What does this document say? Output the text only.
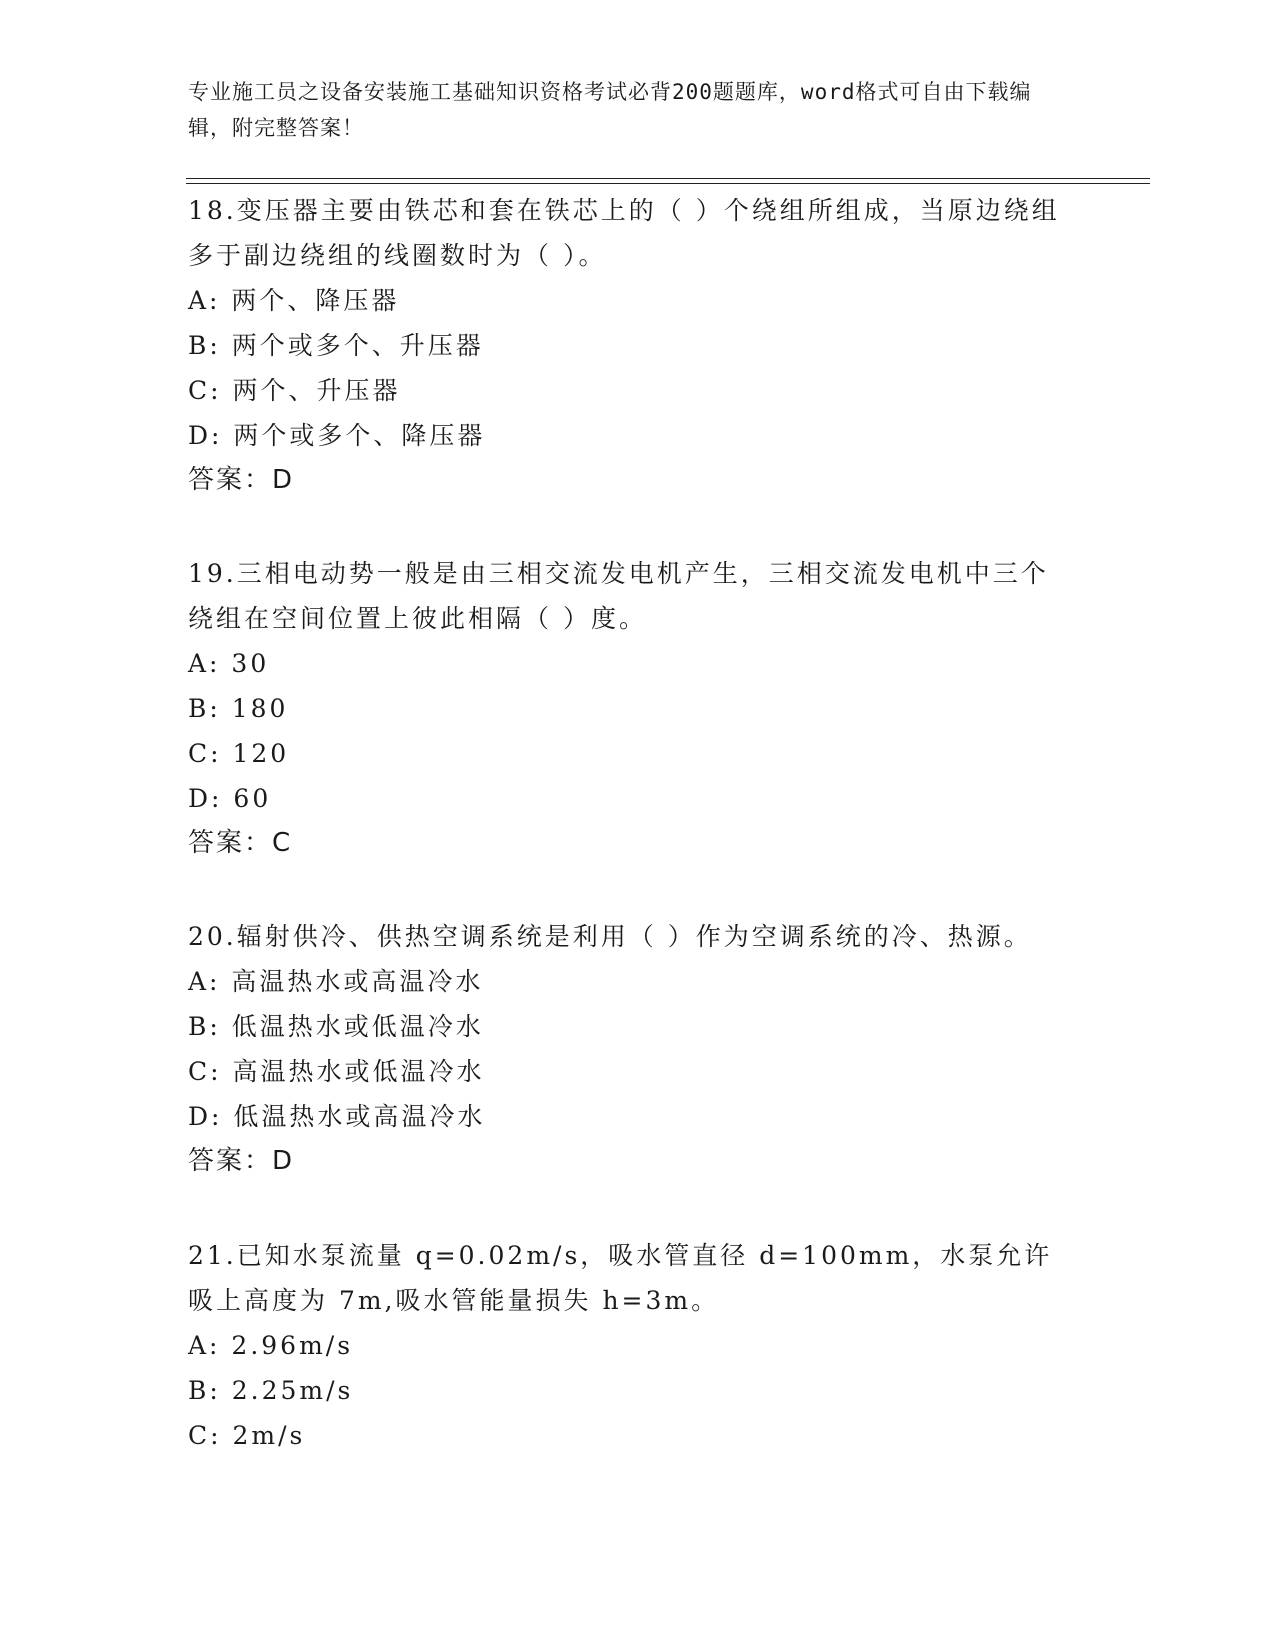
专业施工员之设备安装施工基础知识资格考试必背200题题库，word格式可自由下载编辑，附完整答案！

18.变压器主要由铁芯和套在铁芯上的（ ）个绕组所组成，当原边绕组多于副边绕组的线圈数时为（ ）。

A: 两个、降压器

B: 两个或多个、升压器

C: 两个、升压器

D: 两个或多个、降压器

答案：D

19.三相电动势一般是由三相交流发电机产生，三相交流发电机中三个绕组在空间位置上彼此相隔（ ）度。

A: 30

B: 180

C: 120

D: 60

答案：C

20.辐射供冷、供热空调系统是利用（ ）作为空调系统的冷、热源。

A: 高温热水或高温冷水

B: 低温热水或低温冷水

C: 高温热水或低温冷水

D: 低温热水或高温冷水

答案：D

21.已知水泵流量 q=0.02m/s，吸水管直径 d=100mm，水泵允许吸上高度为 7m,吸水管能量损失 h=3m。

A: 2.96m/s

B: 2.25m/s

C: 2m/s
